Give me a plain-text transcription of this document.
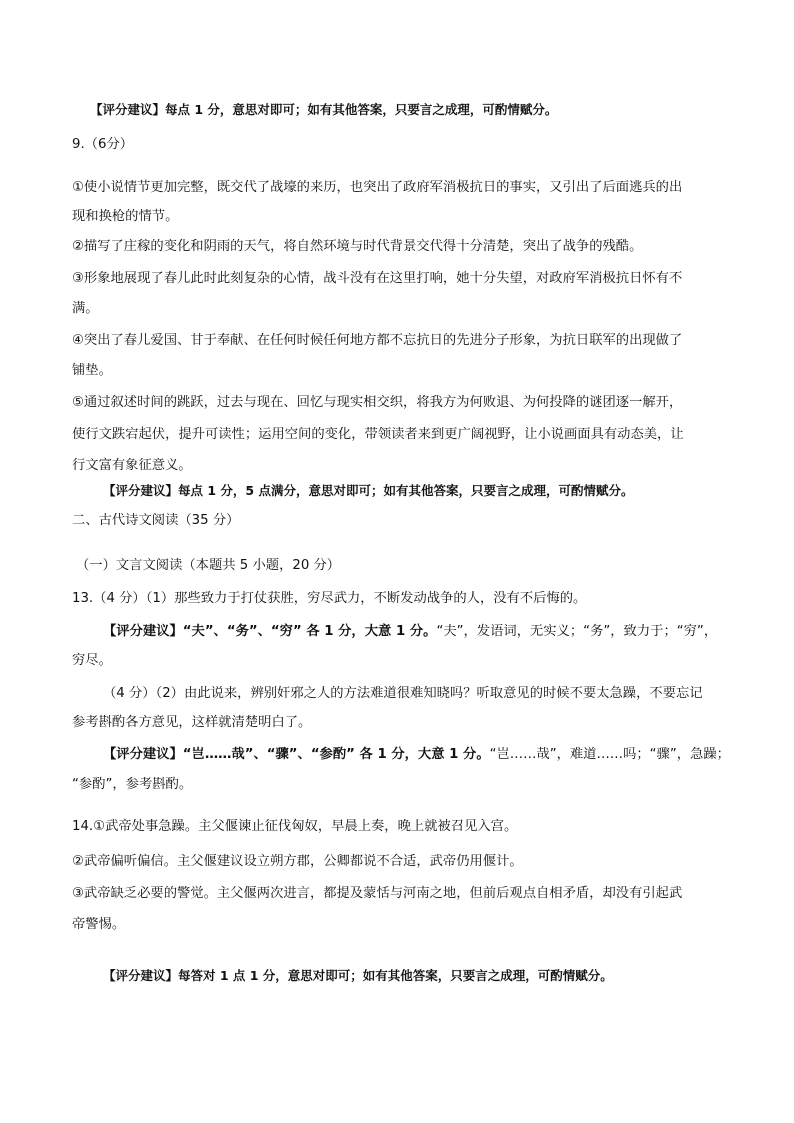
【评分建议】每点 1 分，意思对即可；如有其他答案，只要言之成理，可酌情赋分。
9.（6分）
①使小说情节更加完整，既交代了战壕的来历，也突出了政府军消极抗日的事实，又引出了后面逃兵的出
现和换枪的情节。
②描写了庄稼的变化和阴雨的天气，将自然环境与时代背景交代得十分清楚，突出了战争的残酷。
③形象地展现了春儿此时此刻复杂的心情，战斗没有在这里打响，她十分失望，对政府军消极抗日怀有不
满。
④突出了春儿爱国、甘于奉献、在任何时候任何地方都不忘抗日的先进分子形象，为抗日联军的出现做了
铺垫。
⑤通过叙述时间的跳跃，过去与现在、回忆与现实相交织，将我方为何败退、为何投降的谜团逐一解开，
使行文跌宕起伏，提升可读性；运用空间的变化，带领读者来到更广阔视野，让小说画面具有动态美，让
行文富有象征意义。
【评分建议】每点 1 分，5 点满分，意思对即可；如有其他答案，只要言之成理，可酌情赋分。
二、古代诗文阅读（35 分）
（一）文言文阅读（本题共 5 小题，20 分）
13.（4 分）（1）那些致力于打仗获胜，穷尽武力，不断发动战争的人，没有不后悔的。
【评分建议】“夫”、“务”、“穷” 各 1 分，大意 1 分。“夫”，发语词，无实义；“务”，致力于；“穷”，
穷尽。
（4 分）（2）由此说来，辨别奸邪之人的方法难道很难知晓吗？听取意见的时候不要太急躁，不要忘记
参考斟酌各方意见，这样就清楚明白了。
【评分建议】“岂……哉”、“骤”、“参酌” 各 1 分，大意 1 分。“岂……哉”，难道……吗；“骤”，急躁；
“参酌”，参考斟酌。
14.①武帝处事急躁。主父偃谏止征伐匈奴，早晨上奏，晚上就被召见入宫。
②武帝偏听偏信。主父偃建议设立朔方郡，公卿都说不合适，武帝仍用偃计。
③武帝缺乏必要的警觉。主父偃两次进言，都提及蒙恬与河南之地，但前后观点自相矛盾，却没有引起武
帝警惕。
【评分建议】每答对 1 点 1 分，意思对即可；如有其他答案，只要言之成理，可酌情赋分。
